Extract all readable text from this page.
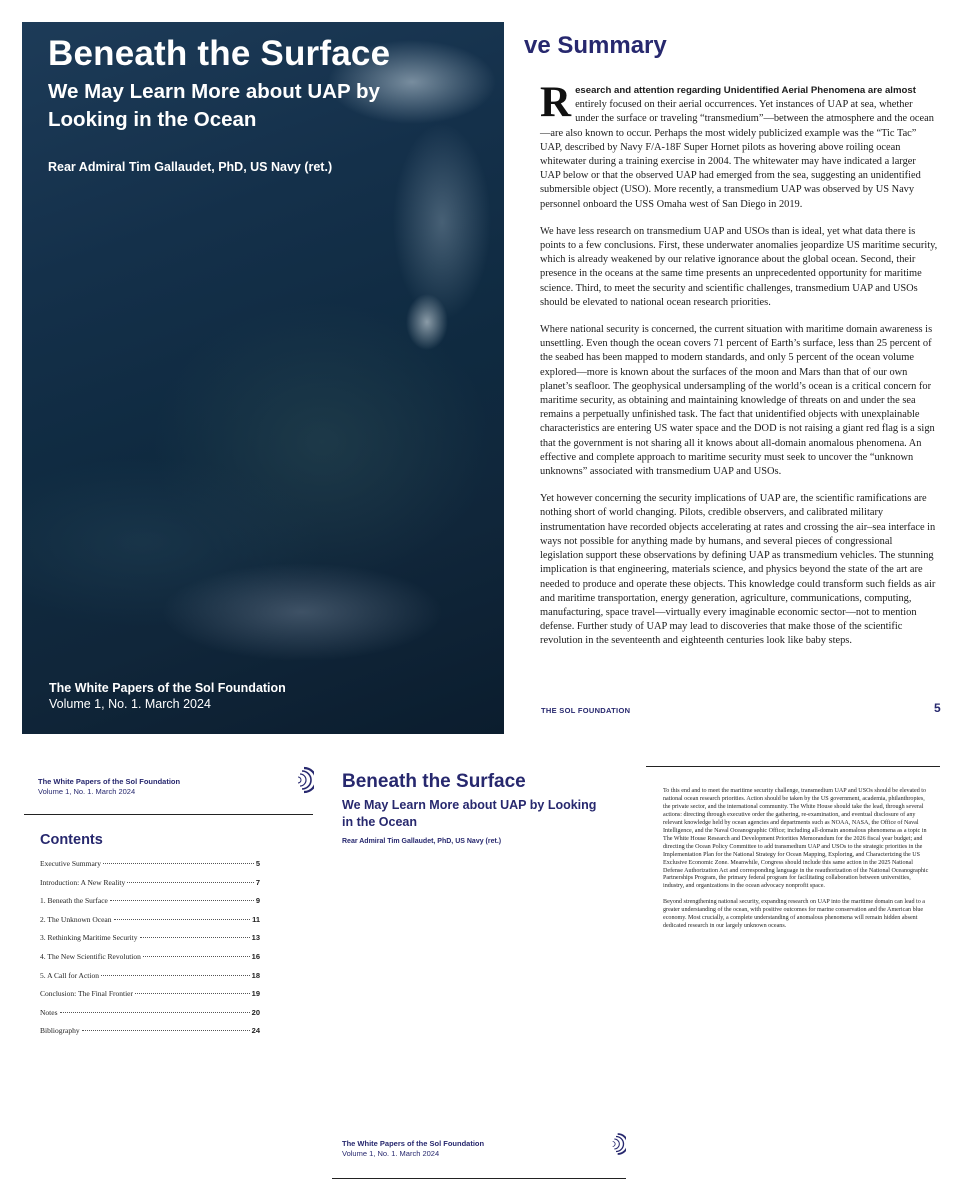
Beneath the Surface
We May Learn More about UAP by Looking in the Ocean
Rear Admiral Tim Gallaudet, PhD, US Navy (ret.)
The White Papers of the Sol Foundation
Volume 1, No. 1. March 2024
ve Summary

Research and attention regarding Unidentified Aerial Phenomena are almost entirely focused on their aerial occurrences. Yet instances of UAP at sea, whether under the surface or traveling “transmedium”—between the atmosphere and the ocean—are also known to occur. Perhaps the most widely publicized example was the “Tic Tac” UAP, described by Navy F/A-18F Super Hornet pilots as hovering above roiling ocean whitewater during a training exercise in 2004. The whitewater may have indicated a larger UAP below or that the observed UAP had emerged from the sea, suggesting an unidentified submersible object (USO). More recently, a transmedium UAP was observed by US Navy personnel onboard the USS Omaha west of San Diego in 2019.

We have less research on transmedium UAP and USOs than is ideal, yet what data there is points to a few conclusions. First, these underwater anomalies jeopardize US maritime security, which is already weakened by our relative ignorance about the global ocean. Second, their presence in the oceans at the same time presents an unprecedented opportunity for maritime science. Third, to meet the security and scientific challenges, transmedium UAP and USOs should be elevated to national ocean research priorities.

Where national security is concerned, the current situation with maritime domain awareness is unsettling. Even though the ocean covers 71 percent of Earth’s surface, less than 25 percent of the seabed has been mapped to modern standards, and only 5 percent of the ocean volume explored—more is known about the surfaces of the moon and Mars than that of our own planet’s seafloor. The geophysical undersampling of the world’s ocean is a critical concern for maritime security, as obtaining and maintaining knowledge of threats on and under the sea remains a perpetually unfinished task. The fact that unidentified objects with unexplainable characteristics are entering US water space and the DOD is not raising a giant red flag is a sign that the government is not sharing all it knows about all-domain anomalous phenomena. An effective and complete approach to maritime security must seek to uncover the “unknown unknowns” associated with transmedium UAP and USOs.

Yet however concerning the security implications of UAP are, the scientific ramifications are nothing short of world changing. Pilots, credible observers, and calibrated military instrumentation have recorded objects accelerating at rates and crossing the air–sea interface in ways not possible for anything made by humans, and several pieces of congressional legislation support these observations by defining UAP as transmedium vehicles. The stunning implication is that engineering, materials science, and physics beyond the state of the art are needed to produce and operate these objects. This knowledge could transform such fields as air and maritime transportation, energy generation, agriculture, communications, computing, manufacturing, space travel—virtually every imaginable economic sector—not to mention defense. Further study of UAP may lead to discoveries that make those of the scientific revolution in the seventeenth and eighteenth centuries look like baby steps.

THE SOL FOUNDATION	5
The White Papers of the Sol Foundation
Volume 1, No. 1. March 2024
Contents
Executive Summary	5
Introduction: A New Reality	7
1. Beneath the Surface	9
2. The Unknown Ocean	11
3. Rethinking Maritime Security	13
4. The New Scientific Revolution	16
5. A Call for Action	18
Conclusion: The Final Frontier	19
Notes	20
Bibliography	24
Beneath the Surface
We May Learn More about UAP by Looking in the Ocean
Rear Admiral Tim Gallaudet, PhD, US Navy (ret.)
The White Papers of the Sol Foundation
Volume 1, No. 1. March 2024

To this end and to meet the maritime security challenge, transmedium UAP and USOs should be elevated to national ocean research priorities. Action should be taken by the US government, academia, philanthropies, the private sector, and the international community. The White House should take the lead, through several actions: directing through executive order the gathering, re-examination, and eventual disclosure of any relevant knowledge held by ocean agencies and departments such as NOAA, NASA, the Office of Naval Intelligence, and the Naval Oceanographic Office; including all-domain anomalous phenomena as a topic in The White House Research and Development Priorities Memorandum for the 2026 fiscal year budget; and directing the Ocean Policy Committee to add transmedium UAP and USOs to the strategic priorities in the Implementation Plan for the National Strategy for Ocean Mapping, Exploring, and Characterizing the US Exclusive Economic Zone. Meanwhile, Congress should include this same action in the 2025 National Defense Authorization Act and corresponding language in the reauthorization of the National Oceanographic Partnerships Program, the primary federal program for facilitating collaboration between universities, industry, and organizations in the ocean advocacy nonprofit space.

Beyond strengthening national security, expanding research on UAP into the maritime domain can lead to a greater understanding of the ocean, with positive outcomes for marine conservation and the American blue economy. Most crucially, a complete understanding of anomalous phenomena will remain hidden absent dedicated research in our largely unknown oceans.
